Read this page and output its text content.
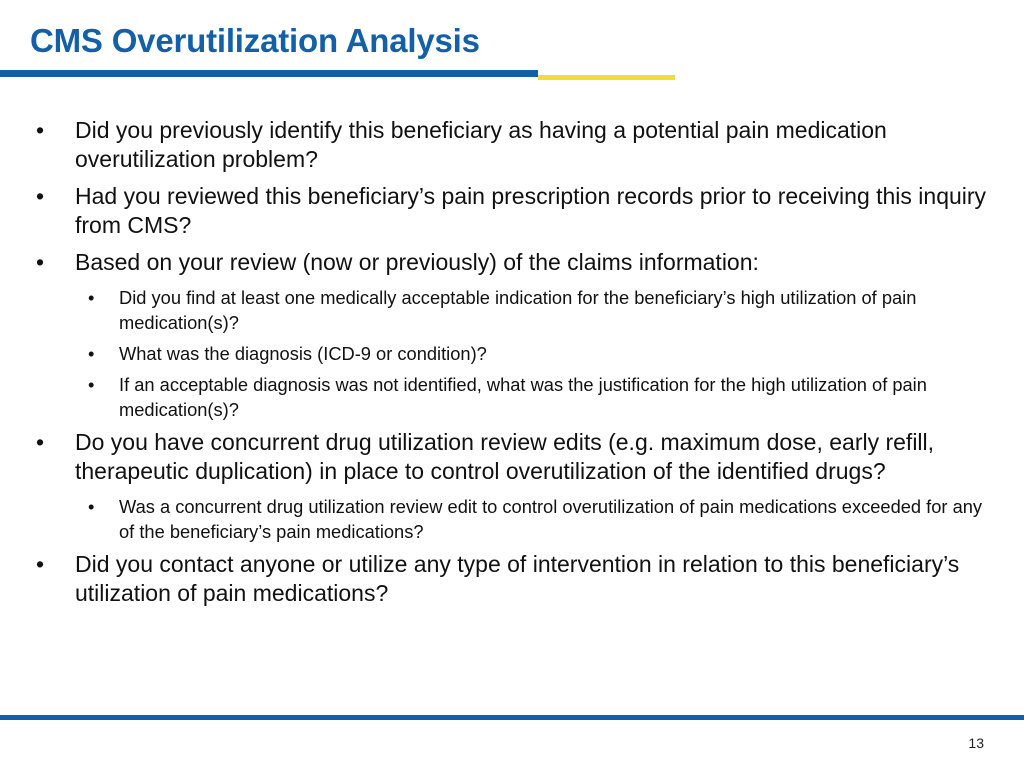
CMS Overutilization Analysis

• Did you previously identify this beneficiary as having a potential pain medication overutilization problem?

• Had you reviewed this beneficiary’s pain prescription records prior to receiving this inquiry from CMS?

• Based on your review (now or previously) of the claims information:

• Did you find at least one medically acceptable indication for the beneficiary’s high utilization of pain medication(s)?

• What was the diagnosis (ICD-9 or condition)?

• If an acceptable diagnosis was not identified, what was the justification for the high utilization of pain medication(s)?

• Do you have concurrent drug utilization review edits (e.g. maximum dose, early refill, therapeutic duplication) in place to control overutilization of the identified drugs?

• Was a concurrent drug utilization review edit to control overutilization of pain medications exceeded for any of the beneficiary’s pain medications?

• Did you contact anyone or utilize any type of intervention in relation to this beneficiary’s utilization of pain medications?

13
